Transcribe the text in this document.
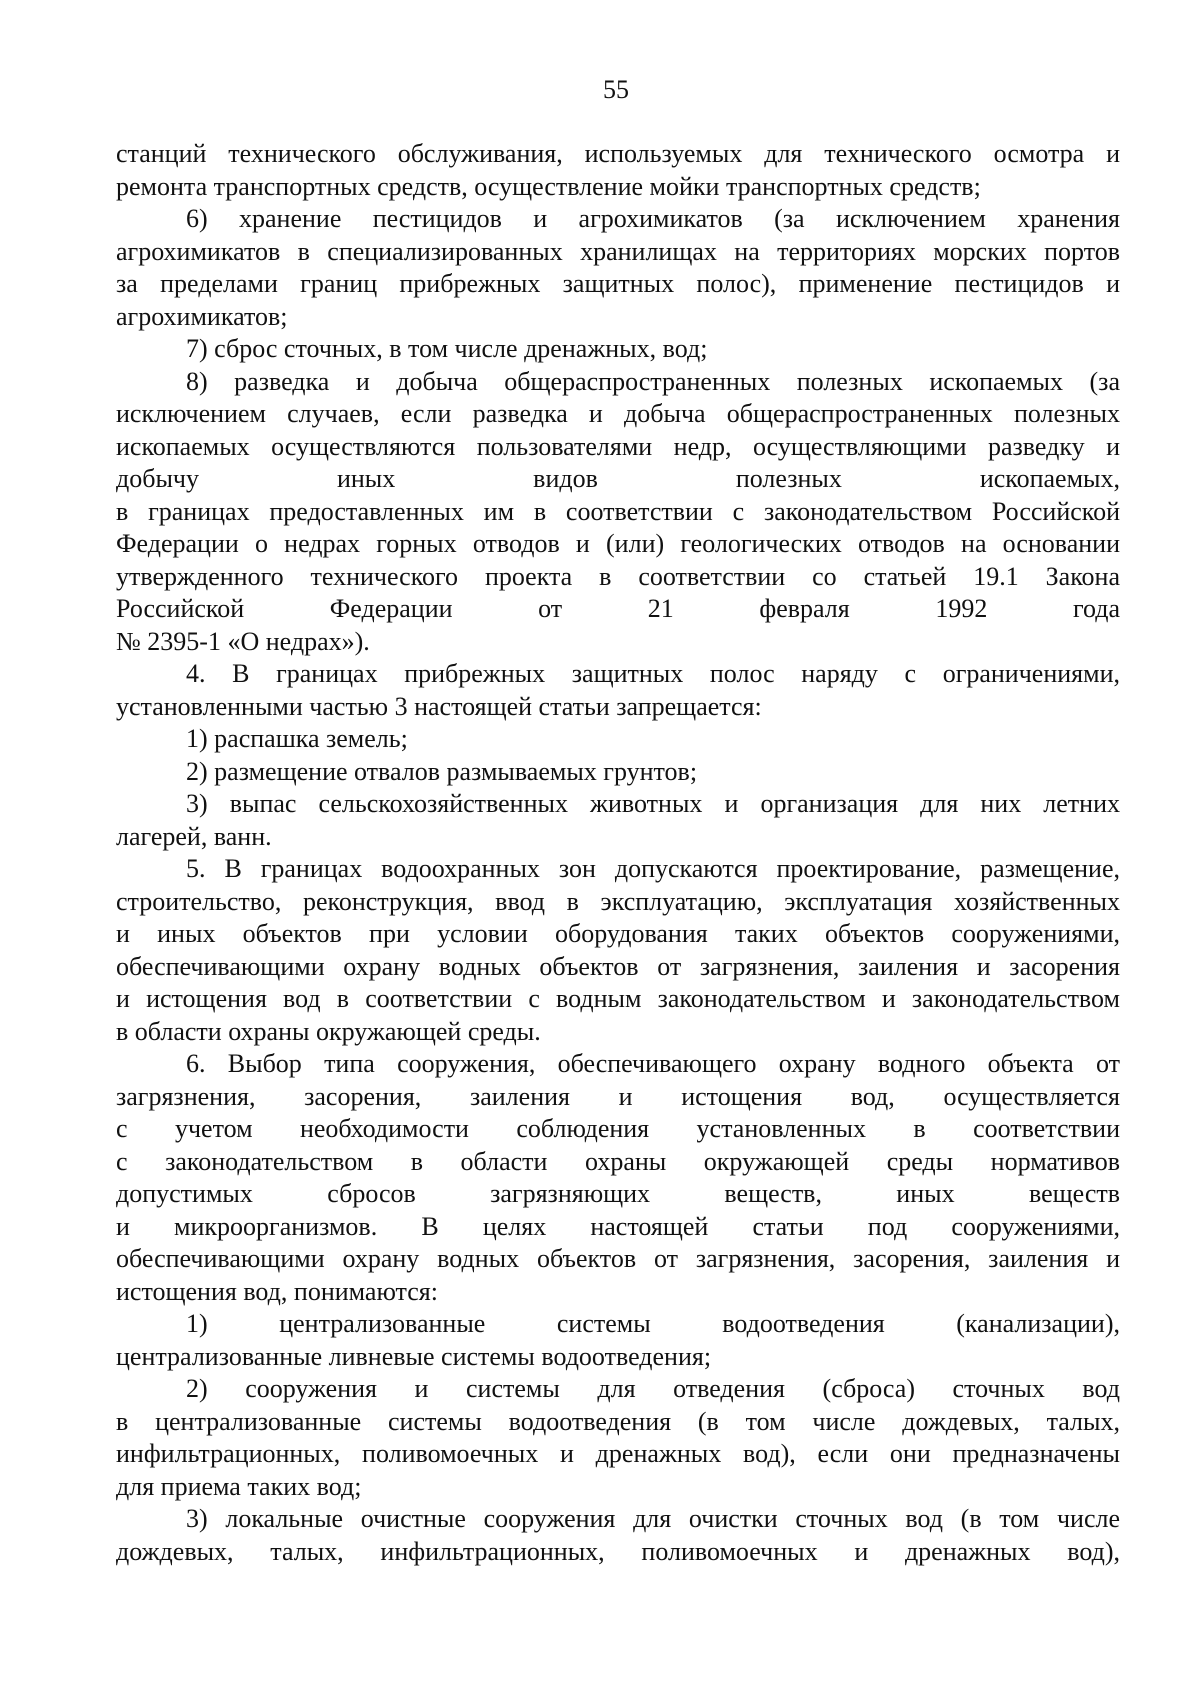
55
станций технического обслуживания, используемых для технического осмотра и
ремонта транспортных средств, осуществление мойки транспортных средств;
6) хранение пестицидов и агрохимикатов (за исключением хранения
агрохимикатов в специализированных хранилищах на территориях морских портов
за пределами границ прибрежных защитных полос), применение пестицидов и
агрохимикатов;
7) сброс сточных, в том числе дренажных, вод;
8) разведка и добыча общераспространенных полезных ископаемых (за
исключением случаев, если разведка и добыча общераспространенных полезных
ископаемых осуществляются пользователями недр, осуществляющими разведку и
добычу иных видов полезных ископаемых,
в границах предоставленных им в соответствии с законодательством Российской
Федерации о недрах горных отводов и (или) геологических отводов на основании
утвержденного технического проекта в соответствии со статьей 19.1 Закона
Российской Федерации от 21 февраля 1992 года
№ 2395-1 «О недрах»).
4. В границах прибрежных защитных полос наряду с ограничениями,
установленными частью 3 настоящей статьи запрещается:
1) распашка земель;
2) размещение отвалов размываемых грунтов;
3) выпас сельскохозяйственных животных и организация для них летних
лагерей, ванн.
5. В границах водоохранных зон допускаются проектирование, размещение,
строительство, реконструкция, ввод в эксплуатацию, эксплуатация хозяйственных
и иных объектов при условии оборудования таких объектов сооружениями,
обеспечивающими охрану водных объектов от загрязнения, заиления и засорения
и истощения вод в соответствии с водным законодательством и законодательством
в области охраны окружающей среды.
6. Выбор типа сооружения, обеспечивающего охрану водного объекта от
загрязнения, засорения, заиления и истощения вод, осуществляется
с учетом необходимости соблюдения установленных в соответствии
с законодательством в области охраны окружающей среды нормативов
допустимых сбросов загрязняющих веществ, иных веществ
и микроорганизмов. В целях настоящей статьи под сооружениями,
обеспечивающими охрану водных объектов от загрязнения, засорения, заиления и
истощения вод, понимаются:
1) централизованные системы водоотведения (канализации),
централизованные ливневые системы водоотведения;
2) сооружения и системы для отведения (сброса) сточных вод
в централизованные системы водоотведения (в том числе дождевых, талых,
инфильтрационных, поливомоечных и дренажных вод), если они предназначены
для приема таких вод;
3) локальные очистные сооружения для очистки сточных вод (в том числе
дождевых, талых, инфильтрационных, поливомоечных и дренажных вод),
